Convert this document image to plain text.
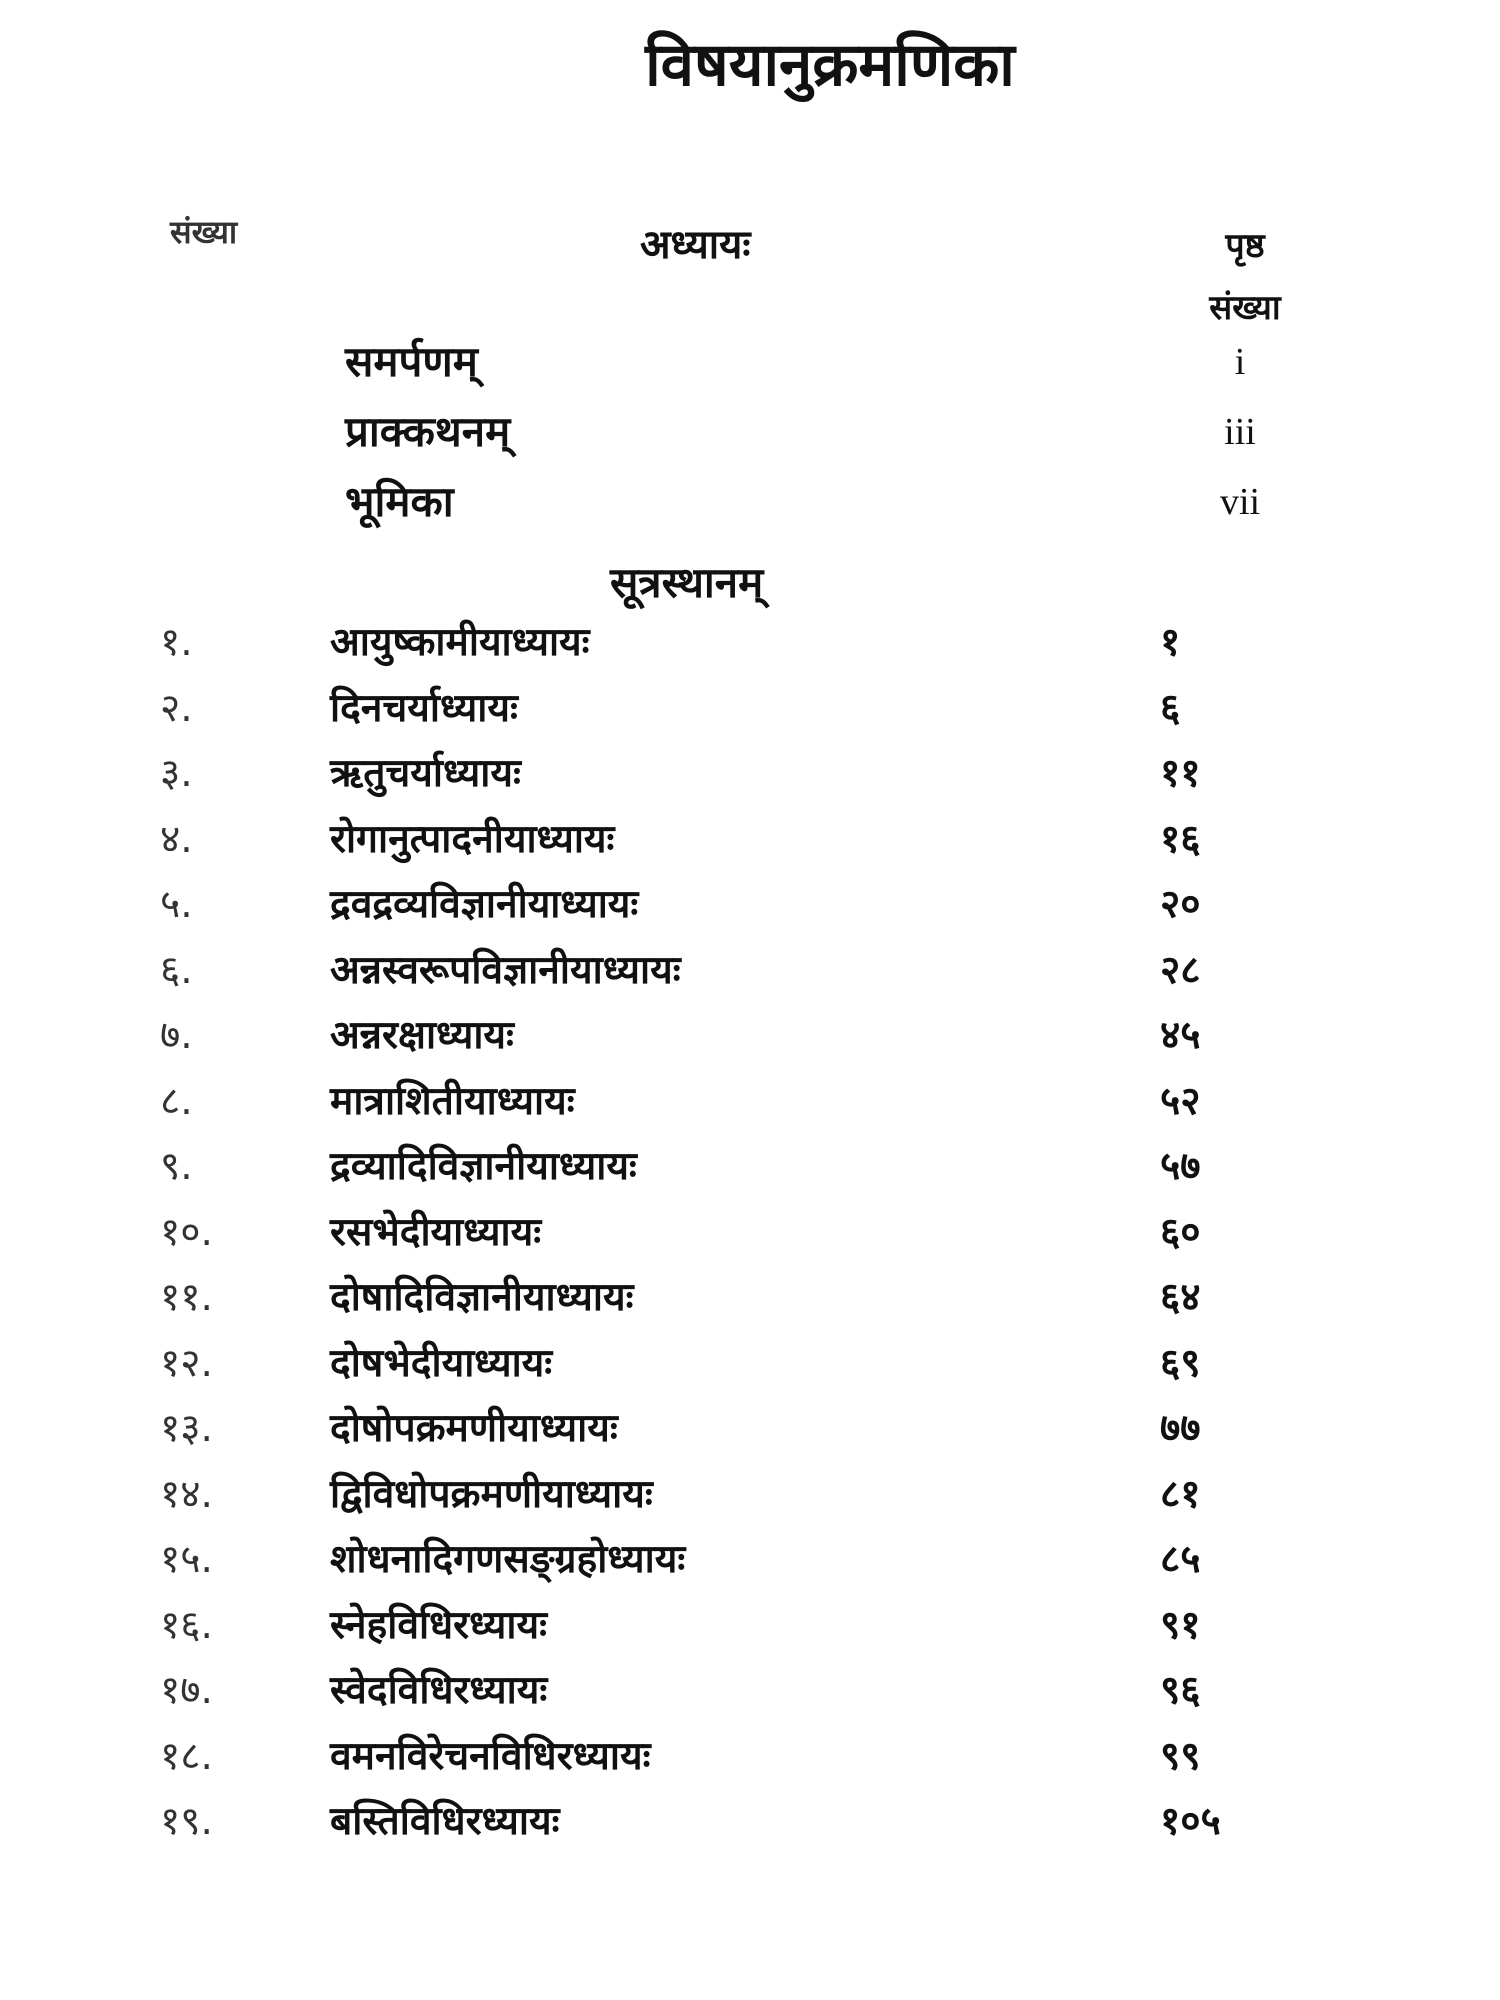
विषयानुक्रमणिका
संख्या	अध्यायः	पृष्ठ
संख्या
समर्पणम्	i
प्राक्कथनम्	iii
भूमिका	vii
सूत्रस्थानम्
१.	आयुष्कामीयाध्यायः	१
२.	दिनचर्याध्यायः	६
३.	ऋतुचर्याध्यायः	११
४.	रोगानुत्पादनीयाध्यायः	१६
५.	द्रवद्रव्यविज्ञानीयाध्यायः	२०
६.	अन्नस्वरूपविज्ञानीयाध्यायः	२८
७.	अन्नरक्षाध्यायः	४५
८.	मात्राशितीयाध्यायः	५२
९.	द्रव्यादिविज्ञानीयाध्यायः	५७
१०.	रसभेदीयाध्यायः	६०
११.	दोषादिविज्ञानीयाध्यायः	६४
१२.	दोषभेदीयाध्यायः	६९
१३.	दोषोपक्रमणीयाध्यायः	७७
१४.	द्विविधोपक्रमणीयाध्यायः	८१
१५.	शोधनादिगणसङ्ग्रहोध्यायः	८५
१६.	स्नेहविधिरध्यायः	९१
१७.	स्वेदविधिरध्यायः	९६
१८.	वमनविरेचनविधिरध्यायः	९९
१९.	बस्तिविधिरध्यायः	१०५
